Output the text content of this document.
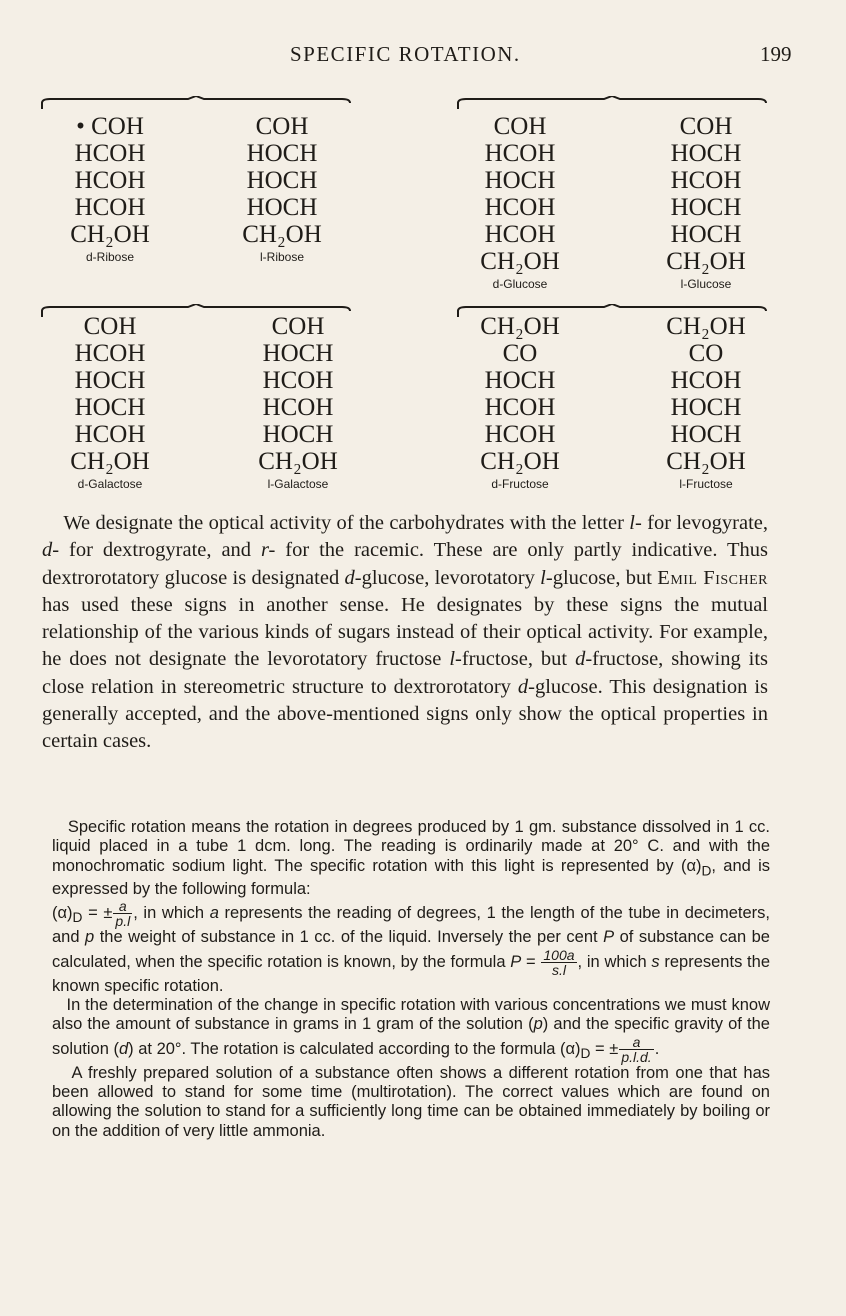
SPECIFIC ROTATION.	199
• COH
HCOH
HCOH
HCOH
CH₂OH
d-Ribose
COH
HOCH
HOCH
HOCH
CH₂OH
l-Ribose
COH
HCOH
HOCH
HCOH
HCOH
CH₂OH
d-Glucose
COH
HOCH
HCOH
HOCH
HOCH
CH₂OH
l-Glucose
COH
HCOH
HOCH
HOCH
HCOH
CH₂OH
d-Galactose
COH
HOCH
HCOH
HCOH
HOCH
CH₂OH
l-Galactose
CH₂OH
CO
HOCH
HCOH
HCOH
CH₂OH
d-Fructose
CH₂OH
CO
HCOH
HOCH
HOCH
CH₂OH
l-Fructose
We designate the optical activity of the carbohydrates with the letter l- for levogyrate, d- for dextrogyrate, and r- for the racemic. These are only partly indicative. Thus dextrorotatory glucose is designated d-glucose, levorotatory l-glucose, but Emil Fischer has used these signs in another sense. He designates by these signs the mutual relationship of the various kinds of sugars instead of their optical activity. For example, he does not designate the levorotatory fructose l-fructose, but d-fructose, showing its close relation in stereometric structure to dextrorotatory d-glucose. This designation is generally accepted, and the above-mentioned signs only show the optical properties in certain cases.

Specific rotation means the rotation in degrees produced by 1 gm. substance dissolved in 1 cc. liquid placed in a tube 1 dcm. long. The reading is ordinarily made at 20° C. and with the monochromatic sodium light. The specific rotation with this light is represented by $(\alpha)_D$, and is expressed by the following formula:
$(\alpha)_D$ = ± $\frac{a}{p.l}$ , in which a represents the reading of degrees, 1 the length of the tube in decimeters, and p the weight of substance in 1 cc. of the liquid. Inversely the per cent P of substance can be calculated, when the specific rotation is known, by the formula $P = \frac{100a}{s.l}$ , in which s represents the known specific rotation.

In the determination of the change in specific rotation with various concentrations we must know also the amount of substance in grams in 1 gram of the solution (p) and the specific gravity of the solution (d) at 20°. The rotation is calculated according to the formula $(\alpha)_D$ = ± $\frac{a}{p.l.d.}$ .

A freshly prepared solution of a substance often shows a different rotation from one that has been allowed to stand for some time (multirotation). The correct values which are found on allowing the solution to stand for a sufficiently long time can be obtained immediately by boiling or on the addition of very little ammonia.
